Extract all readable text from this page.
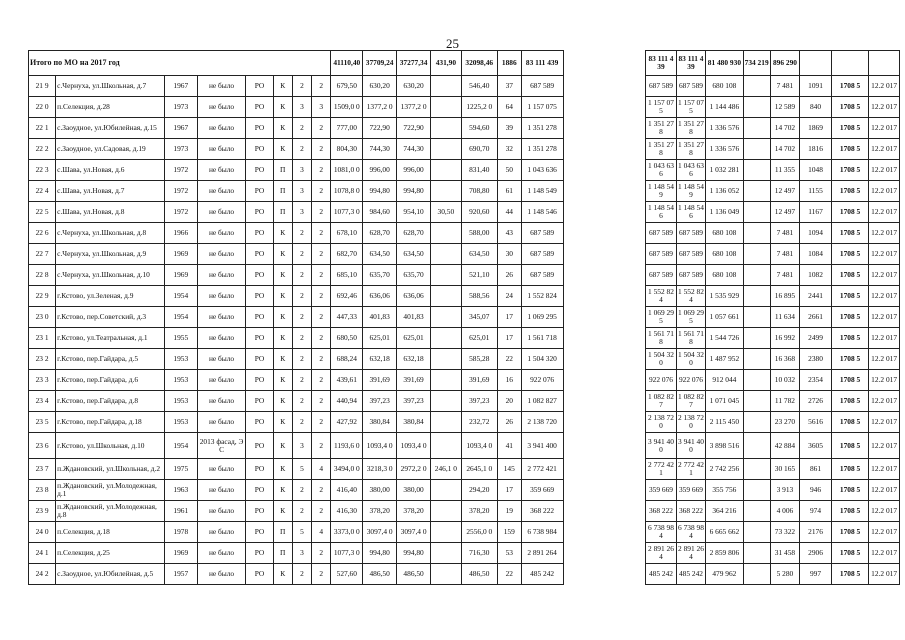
25
Итого по МО на 2017 год								41110,40	37709,24	37277,34	431,90	32098,46	1886	83 111 439		83 111 439	83 111 439	81 480 930	734 219	896 290			
21 9	с.Чернуха, ул.Школьная, д.7	1967	не было	РО	К	2	2	679,50	630,20	630,20		546,40	37	687 589		687 589	687 589	680 108		7 481	1091	1708 5	12.2 017
22 0	п.Селекция, д.28	1973	не было	РО	К	3	3	1509,0 0	1377,2 0	1377,2 0		1225,2 0	64	1 157 075		1 157 075	1 157 075	1 144 486		12 589	840	1708 5	12.2 017
22 1	с.Заоудное, ул.Юбилейная, д.15	1967	не было	РО	К	2	2	777,00	722,90	722,90		594,60	39	1 351 278		1 351 278	1 351 278	1 336 576		14 702	1869	1708 5	12.2 017
22 2	с.Заоудное, ул.Садовая, д.19	1973	не было	РО	К	2	2	804,30	744,30	744,30		690,70	32	1 351 278		1 351 278	1 351 278	1 336 576		14 702	1816	1708 5	12.2 017
22 3	с.Шава, ул.Новая, д.6	1972	не было	РО	П	3	2	1081,0 0	996,00	996,00		831,40	50	1 043 636		1 043 636	1 043 636	1 032 281		11 355	1048	1708 5	12.2 017
22 4	с.Шава, ул.Новая, д.7	1972	не было	РО	П	3	2	1078,8 0	994,80	994,80		708,80	61	1 148 549		1 148 549	1 148 549	1 136 052		12 497	1155	1708 5	12.2 017
22 5	с.Шава, ул.Новая, д.8	1972	не было	РО	П	3	2	1077,3 0	984,60	954,10	30,50	920,60	44	1 148 546		1 148 546	1 148 546	1 136 049		12 497	1167	1708 5	12.2 017
22 6	с.Чернуха, ул.Школьная, д.8	1966	не было	РО	К	2	2	678,10	628,70	628,70		588,00	43	687 589		687 589	687 589	680 108		7 481	1094	1708 5	12.2 017
22 7	с.Чернуха, ул.Школьная, д.9	1969	не было	РО	К	2	2	682,70	634,50	634,50		634,50	30	687 589		687 589	687 589	680 108		7 481	1084	1708 5	12.2 017
22 8	с.Чернуха, ул.Школьная, д.10	1969	не было	РО	К	2	2	685,10	635,70	635,70		521,10	26	687 589		687 589	687 589	680 108		7 481	1082	1708 5	12.2 017
22 9	г.Кстово, ул.Зеленая, д.9	1954	не было	РО	К	2	2	692,46	636,06	636,06		588,56	24	1 552 824		1 552 824	1 552 824	1 535 929		16 895	2441	1708 5	12.2 017
23 0	г.Кстово, пер.Советский, д.3	1954	не было	РО	К	2	2	447,33	401,83	401,83		345,07	17	1 069 295		1 069 295	1 069 295	1 057 661		11 634	2661	1708 5	12.2 017
23 1	г.Кстово, ул.Театральная, д.1	1955	не было	РО	К	2	2	680,50	625,01	625,01		625,01	17	1 561 718		1 561 718	1 561 718	1 544 726		16 992	2499	1708 5	12.2 017
23 2	г.Кстово, пер.Гайдара, д.5	1953	не было	РО	К	2	2	688,24	632,18	632,18		585,28	22	1 504 320		1 504 320	1 504 320	1 487 952		16 368	2380	1708 5	12.2 017
23 3	г.Кстово, пер.Гайдара, д.6	1953	не было	РО	К	2	2	439,61	391,69	391,69		391,69	16	922 076		922 076	922 076	912 044		10 032	2354	1708 5	12.2 017
23 4	г.Кстово, пер.Гайдара, д.8	1953	не было	РО	К	2	2	440,94	397,23	397,23		397,23	20	1 082 827		1 082 827	1 082 827	1 071 045		11 782	2726	1708 5	12.2 017
23 5	г.Кстово, пер.Гайдара, д.18	1953	не было	РО	К	2	2	427,92	380,84	380,84		232,72	26	2 138 720		2 138 720	2 138 720	2 115 450		23 270	5616	1708 5	12.2 017
23 6	г.Кстово, ул.Школьная, д.10	1954	2013 фасад, ЭС	РО	К	3	2	1193,6 0	1093,4 0	1093,4 0		1093,4 0	41	3 941 400		3 941 400	3 941 400	3 898 516		42 884	3605	1708 5	12.2 017
23 7	п.Ждановский, ул.Школьная, д.2	1975	не было	РО	К	5	4	3494,0 0	3218,3 0	2972,2 0	246,1 0	2645,1 0	145	2 772 421		2 772 421	2 772 421	2 742 256		30 165	861	1708 5	12.2 017
23 8	п.Ждановский, ул.Молодежная, д.1	1963	не было	РО	К	2	2	416,40	380,00	380,00		294,20	17	359 669		359 669	359 669	355 756		3 913	946	1708 5	12.2 017
23 9	п.Ждановский, ул.Молодежная, д.8	1961	не было	РО	К	2	2	416,30	378,20	378,20		378,20	19	368 222		368 222	368 222	364 216		4 006	974	1708 5	12.2 017
24 0	п.Селекция, д.18	1978	не было	РО	П	5	4	3373,0 0	3097,4 0	3097,4 0		2556,0 0	159	6 738 984		6 738 984	6 738 984	6 665 662		73 322	2176	1708 5	12.2 017
24 1	п.Селекция, д.25	1969	не было	РО	П	3	2	1077,3 0	994,80	994,80		716,30	53	2 891 264		2 891 264	2 891 264	2 859 806		31 458	2906	1708 5	12.2 017
24 2	с.Заоудное, ул.Юбилейная, д.5	1957	не было	РО	К	2	2	527,60	486,50	486,50		486,50	22	485 242		485 242	485 242	479 962		5 280	997	1708 5	12.2 017
